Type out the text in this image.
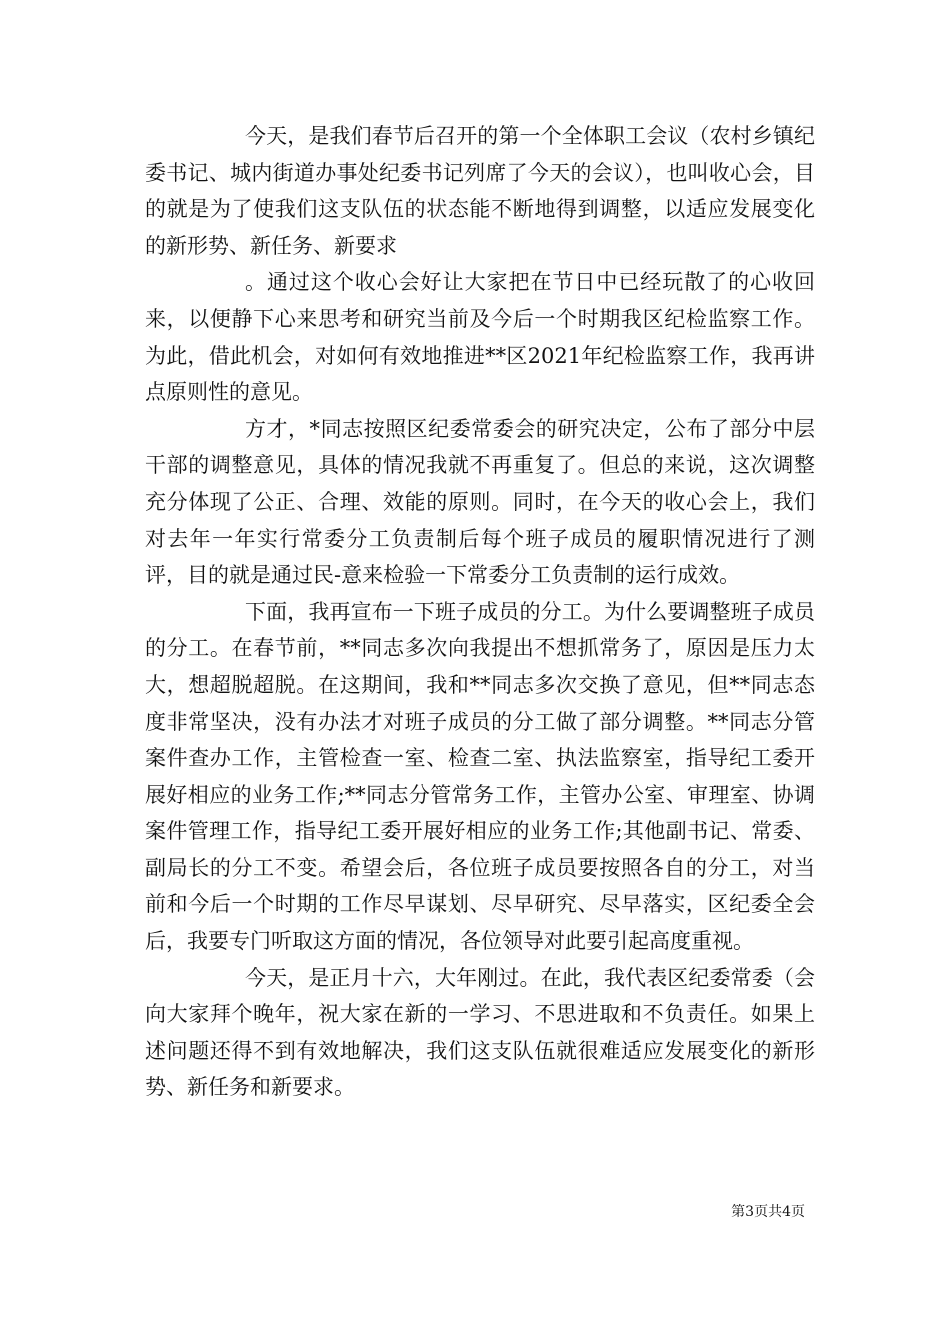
今天，是我们春节后召开的第一个全体职工会议（农村乡镇纪委书记、城内街道办事处纪委书记列席了今天的会议），也叫收心会，目的就是为了使我们这支队伍的状态能不断地得到调整，以适应发展变化的新形势、新任务、新要求

。通过这个收心会好让大家把在节日中已经玩散了的心收回来，以便静下心来思考和研究当前及今后一个时期我区纪检监察工作。为此，借此机会，对如何有效地推进**区2021年纪检监察工作，我再讲点原则性的意见。

方才，*同志按照区纪委常委会的研究决定，公布了部分中层干部的调整意见，具体的情况我就不再重复了。但总的来说，这次调整充分体现了公正、合理、效能的原则。同时，在今天的收心会上，我们对去年一年实行常委分工负责制后每个班子成员的履职情况进行了测评，目的就是通过民-意来检验一下常委分工负责制的运行成效。

下面，我再宣布一下班子成员的分工。为什么要调整班子成员的分工。在春节前，**同志多次向我提出不想抓常务了，原因是压力太大，想超脱超脱。在这期间，我和**同志多次交换了意见，但**同志态度非常坚决，没有办法才对班子成员的分工做了部分调整。**同志分管案件查办工作，主管检查一室、检查二室、执法监察室，指导纪工委开展好相应的业务工作;**同志分管常务工作，主管办公室、审理室、协调案件管理工作，指导纪工委开展好相应的业务工作;其他副书记、常委、副局长的分工不变。希望会后，各位班子成员要按照各自的分工，对当前和今后一个时期的工作尽早谋划、尽早研究、尽早落实，区纪委全会后，我要专门听取这方面的情况，各位领导对此要引起高度重视。

今天，是正月十六，大年刚过。在此，我代表区纪委常委（会向大家拜个晚年，祝大家在新的一学习、不思进取和不负责任。如果上述问题还得不到有效地解决，我们这支队伍就很难适应发展变化的新形势、新任务和新要求。

第3页共4页
